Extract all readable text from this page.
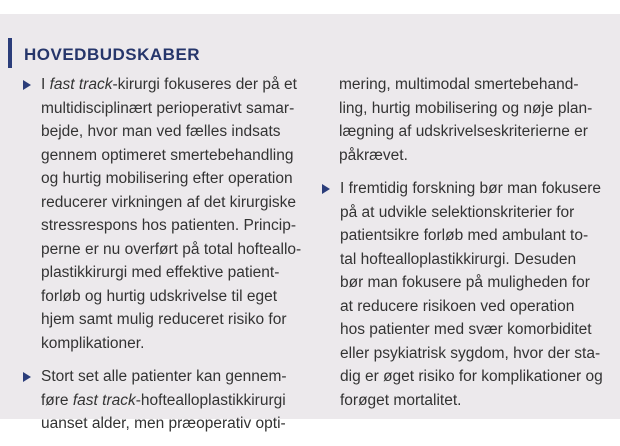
HOVEDBUDSKABER
I fast track-kirurgi fokuseres der på et
multidisciplinært perioperativt samar-
bejde, hvor man ved fælles indsats
gennem optimeret smertebehandling
og hurtig mobilisering efter operation
reducerer virkningen af det kirurgiske
stressrespons hos patienten. Princip-
perne er nu overført på total hofteallo-
plastikkirurgi med effektive patient-
forløb og hurtig udskrivelse til eget
hjem samt mulig reduceret risiko for
komplikationer.
Stort set alle patienter kan gennem-
føre fast track-hoftealloplastikkirurgi
uanset alder, men præoperativ opti-
mering, multimodal smertebehand-
ling, hurtig mobilisering og nøje plan-
lægning af udskrivelseskriterierne er
påkrævet.
I fremtidig forskning bør man fokusere
på at udvikle selektionskriterier for
patientsikre forløb med ambulant to-
tal hoftealloplastikkirurgi. Desuden
bør man fokusere på muligheden for
at reducere risikoen ved operation
hos patienter med svær komorbiditet
eller psykiatrisk sygdom, hvor der sta-
dig er øget risiko for komplikationer og
forøget mortalitet.
